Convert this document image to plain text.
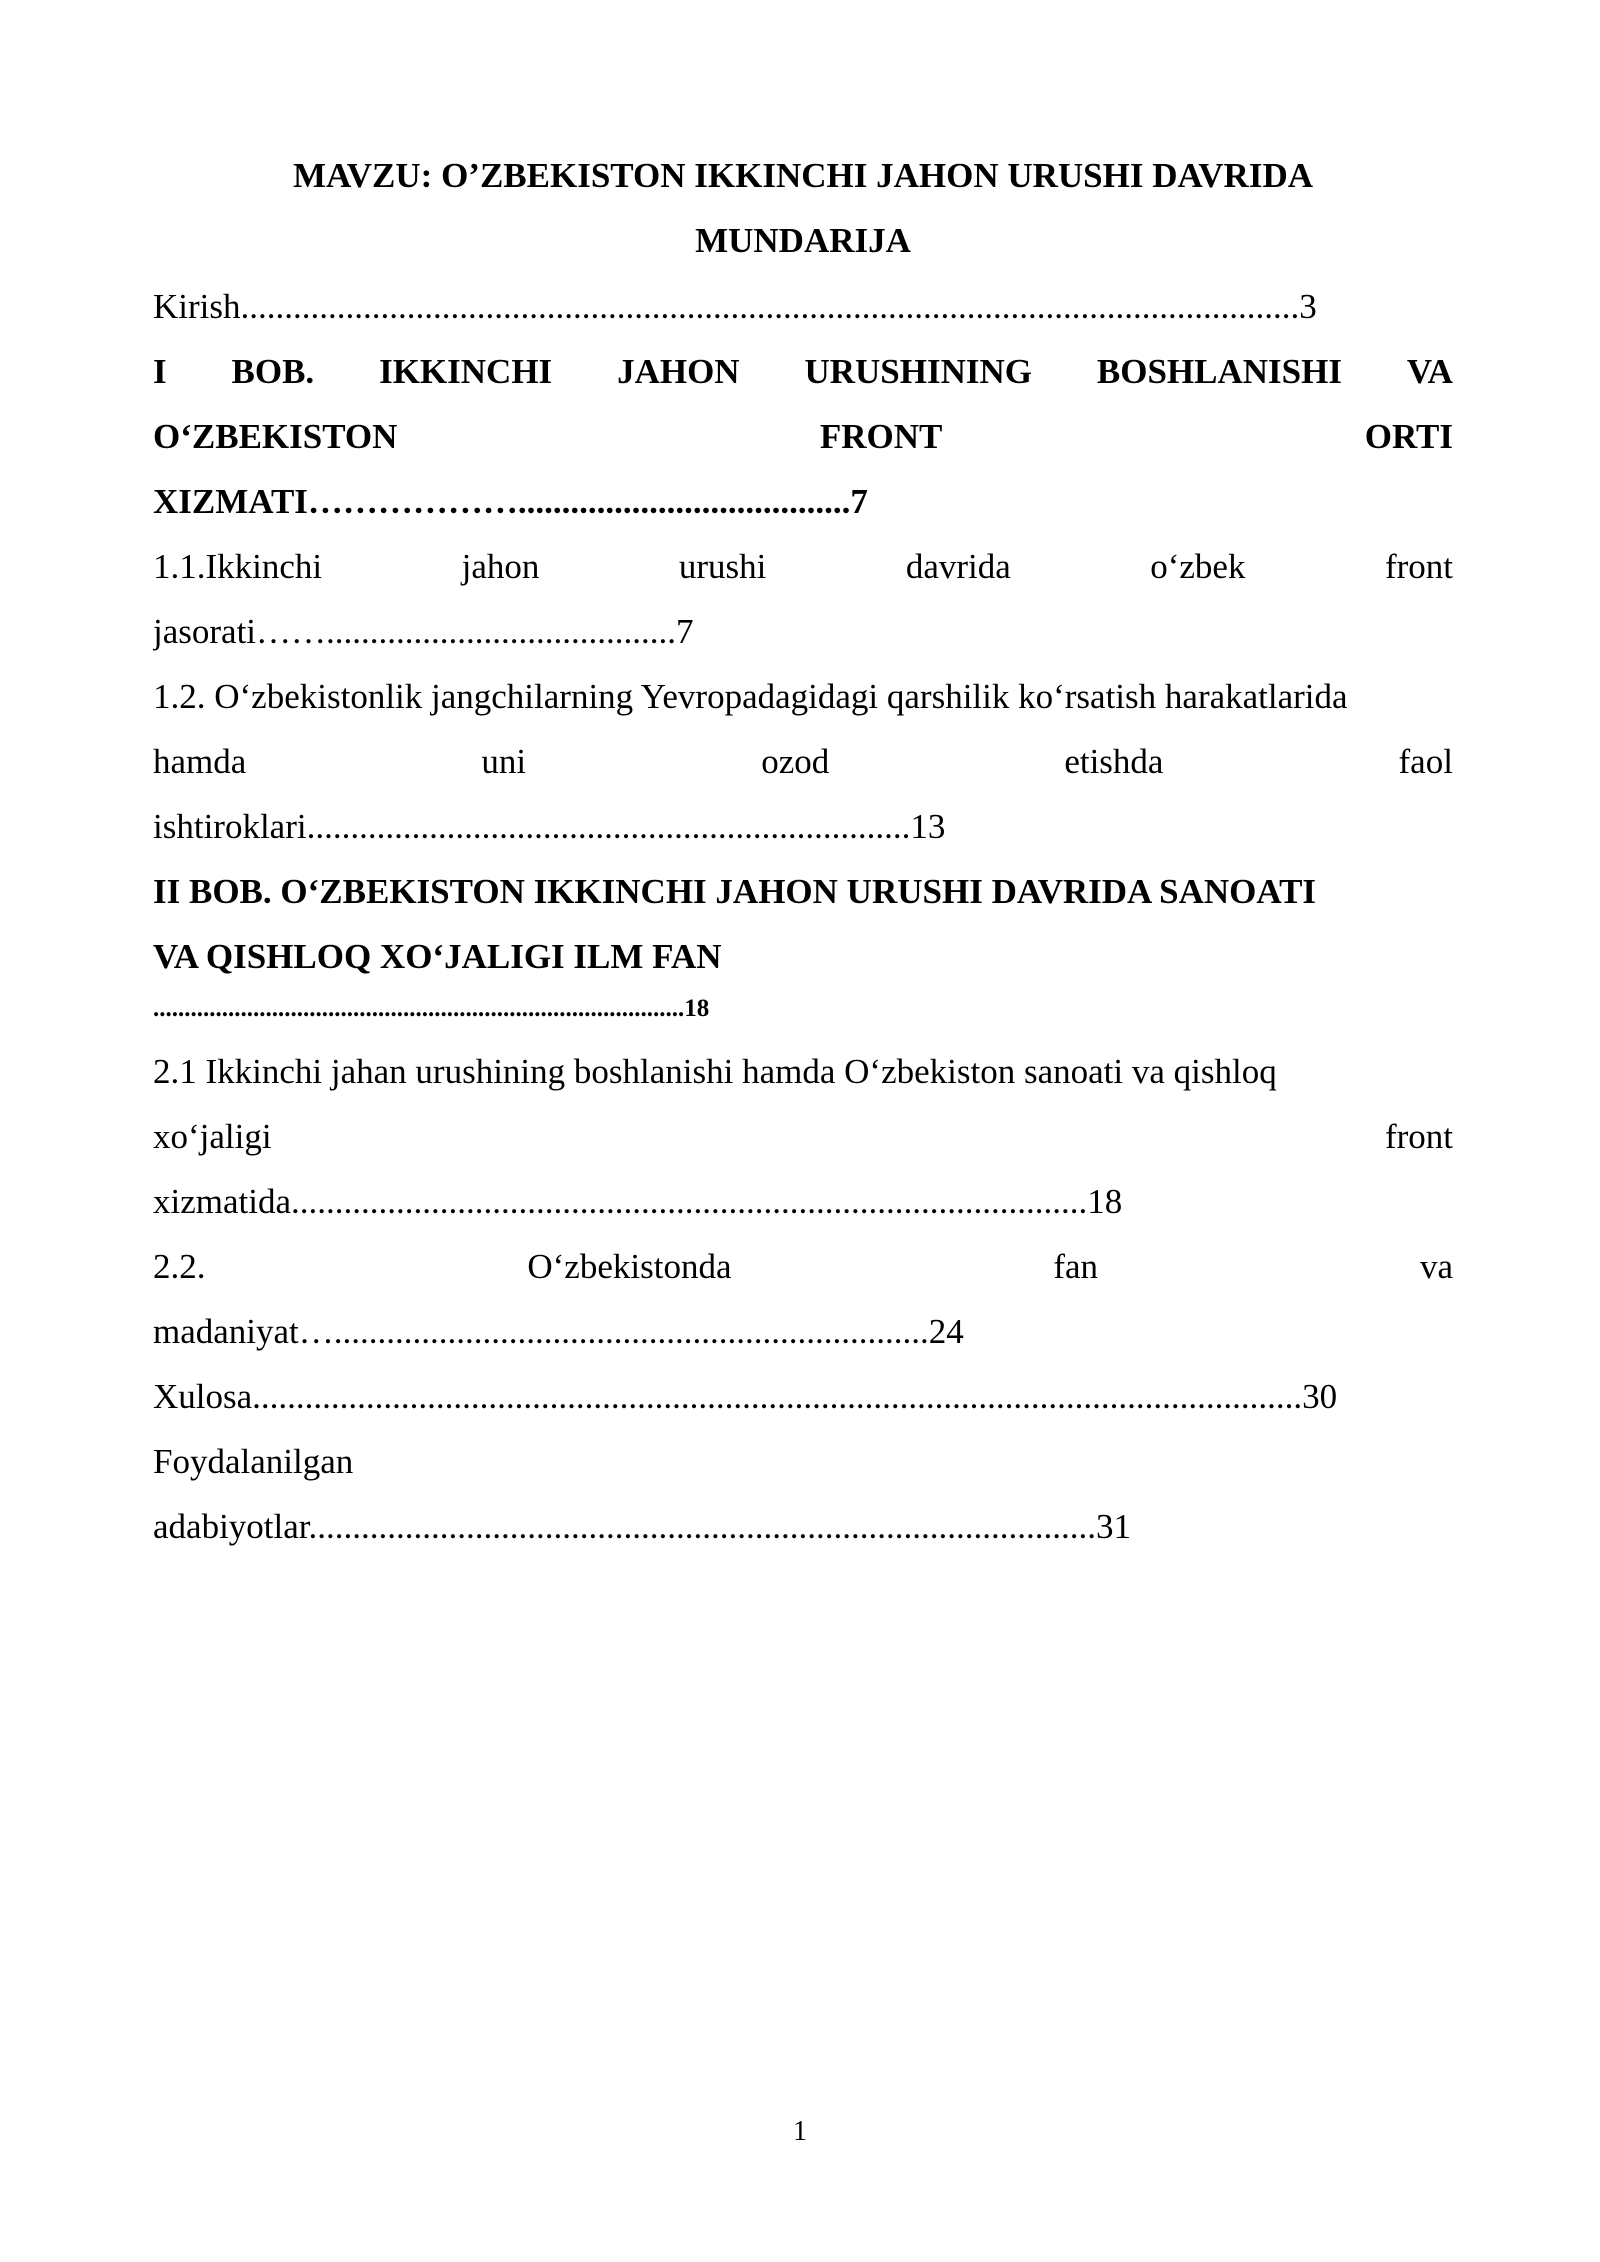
MAVZU: O’ZBEKISTON IKKINCHI JAHON URUSHI DAVRIDA
MUNDARIJA
Kirish.........................................................................................................................3
I BOB. IKKINCHI JAHON URUSHINING BOSHLANISHI VA
O‘ZBEKISTON	FRONT	ORTI
XIZMATI………………......................................7
1.1.Ikkinchi	jahon	urushi	davrida	o‘zbek	front
jasorati……........................................7
1.2. O‘zbekistonlik jangchilarning Yevropadagidagi qarshilik ko‘rsatish harakatlarida
hamda	uni	ozod	etishda	faol
ishtiroklari.....................................................................13
II BOB. O‘ZBEKISTON IKKINCHI JAHON URUSHI DAVRIDA SANOATI
VA QISHLOQ XO‘JALIGI ILM FAN
.....................................................................................18
2.1 Ikkinchi jahan urushining boshlanishi hamda O‘zbekiston sanoati va qishloq
xo‘jaligi	front
xizmatida...........................................................................................18
2.2.	O‘zbekistonda	fan	va
madaniyat…....................................................................24
Xulosa........................................................................................................................30
Foydalanilgan
adabiyotlar..........................................................................................31
1
